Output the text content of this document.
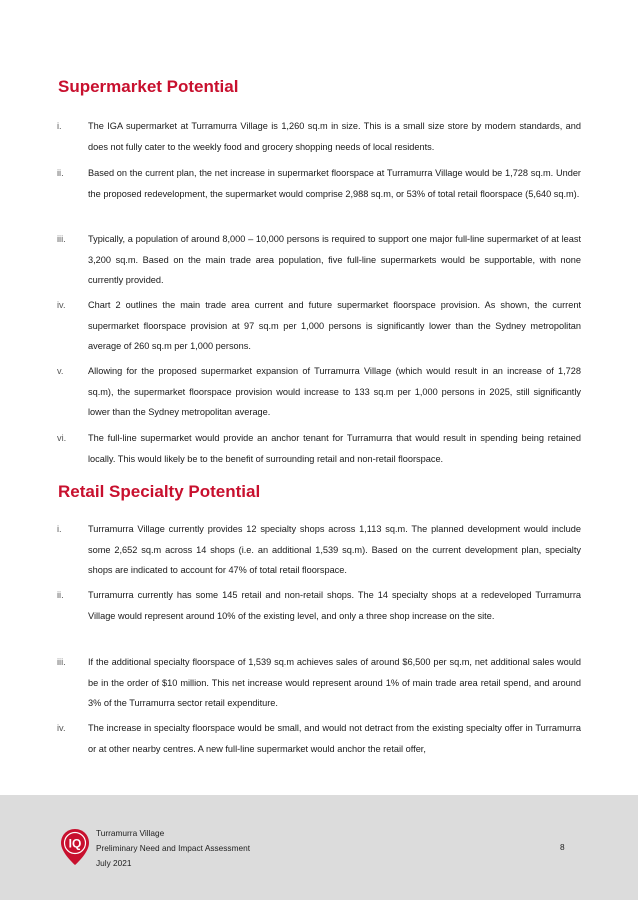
Supermarket Potential
i.	The IGA supermarket at Turramurra Village is 1,260 sq.m in size. This is a small size store by modern standards, and does not fully cater to the weekly food and grocery shopping needs of local residents.
ii.	Based on the current plan, the net increase in supermarket floorspace at Turramurra Village would be 1,728 sq.m. Under the proposed redevelopment, the supermarket would comprise 2,988 sq.m, or 53% of total retail floorspace (5,640 sq.m).
iii. Typically, a population of around 8,000 – 10,000 persons is required to support one major full-line supermarket of at least 3,200 sq.m. Based on the main trade area population, five full-line supermarkets would be supportable, with none currently provided.
iv. Chart 2 outlines the main trade area current and future supermarket floorspace provision. As shown, the current supermarket floorspace provision at 97 sq.m per 1,000 persons is significantly lower than the Sydney metropolitan average of 260 sq.m per 1,000 persons.
v.	Allowing for the proposed supermarket expansion of Turramurra Village (which would result in an increase of 1,728 sq.m), the supermarket floorspace provision would increase to 133 sq.m per 1,000 persons in 2025, still significantly lower than the Sydney metropolitan average.
vi. The full-line supermarket would provide an anchor tenant for Turramurra that would result in spending being retained locally. This would likely be to the benefit of surrounding retail and non-retail floorspace.
Retail Specialty Potential
i.	Turramurra Village currently provides 12 specialty shops across 1,113 sq.m. The planned development would include some 2,652 sq.m across 14 shops (i.e. an additional 1,539 sq.m). Based on the current development plan, specialty shops are indicated to account for 47% of total retail floorspace.
ii.	Turramurra currently has some 145 retail and non-retail shops. The 14 specialty shops at a redeveloped Turramurra Village would represent around 10% of the existing level, and only a three shop increase on the site.
iii. If the additional specialty floorspace of 1,539 sq.m achieves sales of around $6,500 per sq.m, net additional sales would be in the order of $10 million. This net increase would represent around 1% of main trade area retail spend, and around 3% of the Turramurra sector retail expenditure.
iv. The increase in specialty floorspace would be small, and would not detract from the existing specialty offer in Turramurra or at other nearby centres. A new full-line supermarket would anchor the retail offer,
IQ
Turramurra Village
Preliminary Need and Impact Assessment
July 2021
8
